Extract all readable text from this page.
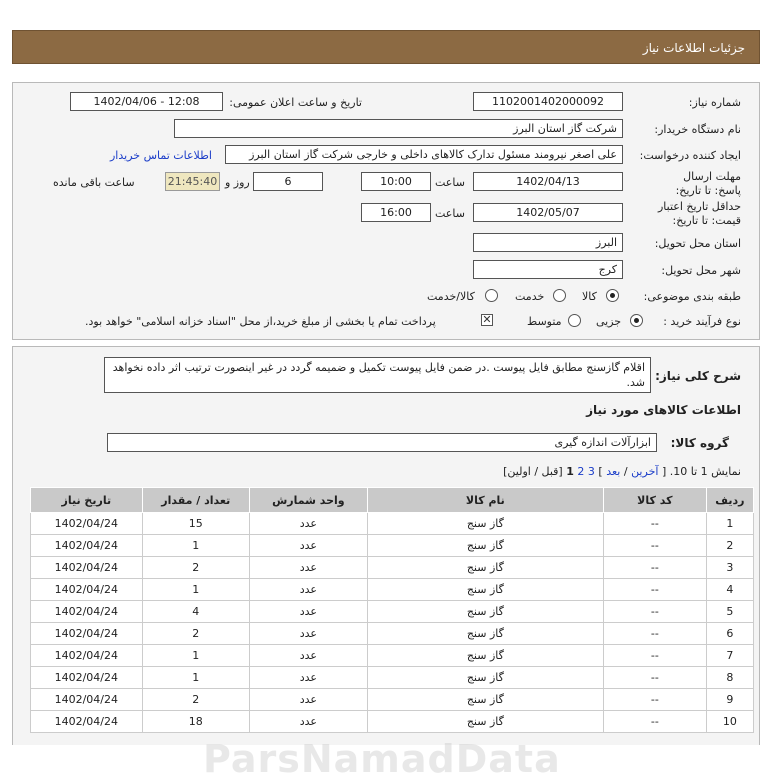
جزئیات اطلاعات نیاز
شماره نیاز:
1102001402000092
تاریخ و ساعت اعلان عمومی:
1402/04/06 - 12:08
نام دستگاه خریدار:
شرکت گاز استان البرز
ایجاد کننده درخواست:
علی اصغر نیرومند مسئول تدارک کالاهای داخلی و خارجی شرکت گاز استان البرز
اطلاعات تماس خریدار
مهلت ارسال پاسخ: تا تاریخ:
1402/04/13
ساعت
10:00
6
روز و
21:45:40
ساعت باقی مانده
حداقل تاریخ اعتبار قیمت: تا تاریخ:
1402/05/07
ساعت
16:00
استان محل تحویل:
البرز
شهر محل تحویل:
کرج
طبقه بندی موضوعی:
کالا
خدمت
کالا/خدمت
نوع فرآیند خرید :
جزیی
متوسط
✕
پرداخت تمام یا بخشی از مبلغ خرید،از محل "اسناد خزانه اسلامی" خواهد بود.
ParsNamadData
شرح کلی نیاز:
اقلام گازسنج مطابق فایل پیوست .در ضمن فایل پیوست تکمیل و ضمیمه گردد در غیر اینصورت ترتیب اثر داده نخواهد شد.
اطلاعات کالاهای مورد نیاز
گروه کالا:
ابزارآلات اندازه گیری
نمایش 1 تا 10. [ آخرین / بعد ] 3 2 1 [قبل / اولین]
ردیف	کد کالا	نام کالا	واحد شمارش	تعداد / مقدار	تاریخ نیاز
1	--	گاز سنج	عدد	15	1402/04/24
2	--	گاز سنج	عدد	1	1402/04/24
3	--	گاز سنج	عدد	2	1402/04/24
4	--	گاز سنج	عدد	1	1402/04/24
5	--	گاز سنج	عدد	4	1402/04/24
6	--	گاز سنج	عدد	2	1402/04/24
7	--	گاز سنج	عدد	1	1402/04/24
8	--	گاز سنج	عدد	1	1402/04/24
9	--	گاز سنج	عدد	2	1402/04/24
10	--	گاز سنج	عدد	18	1402/04/24
